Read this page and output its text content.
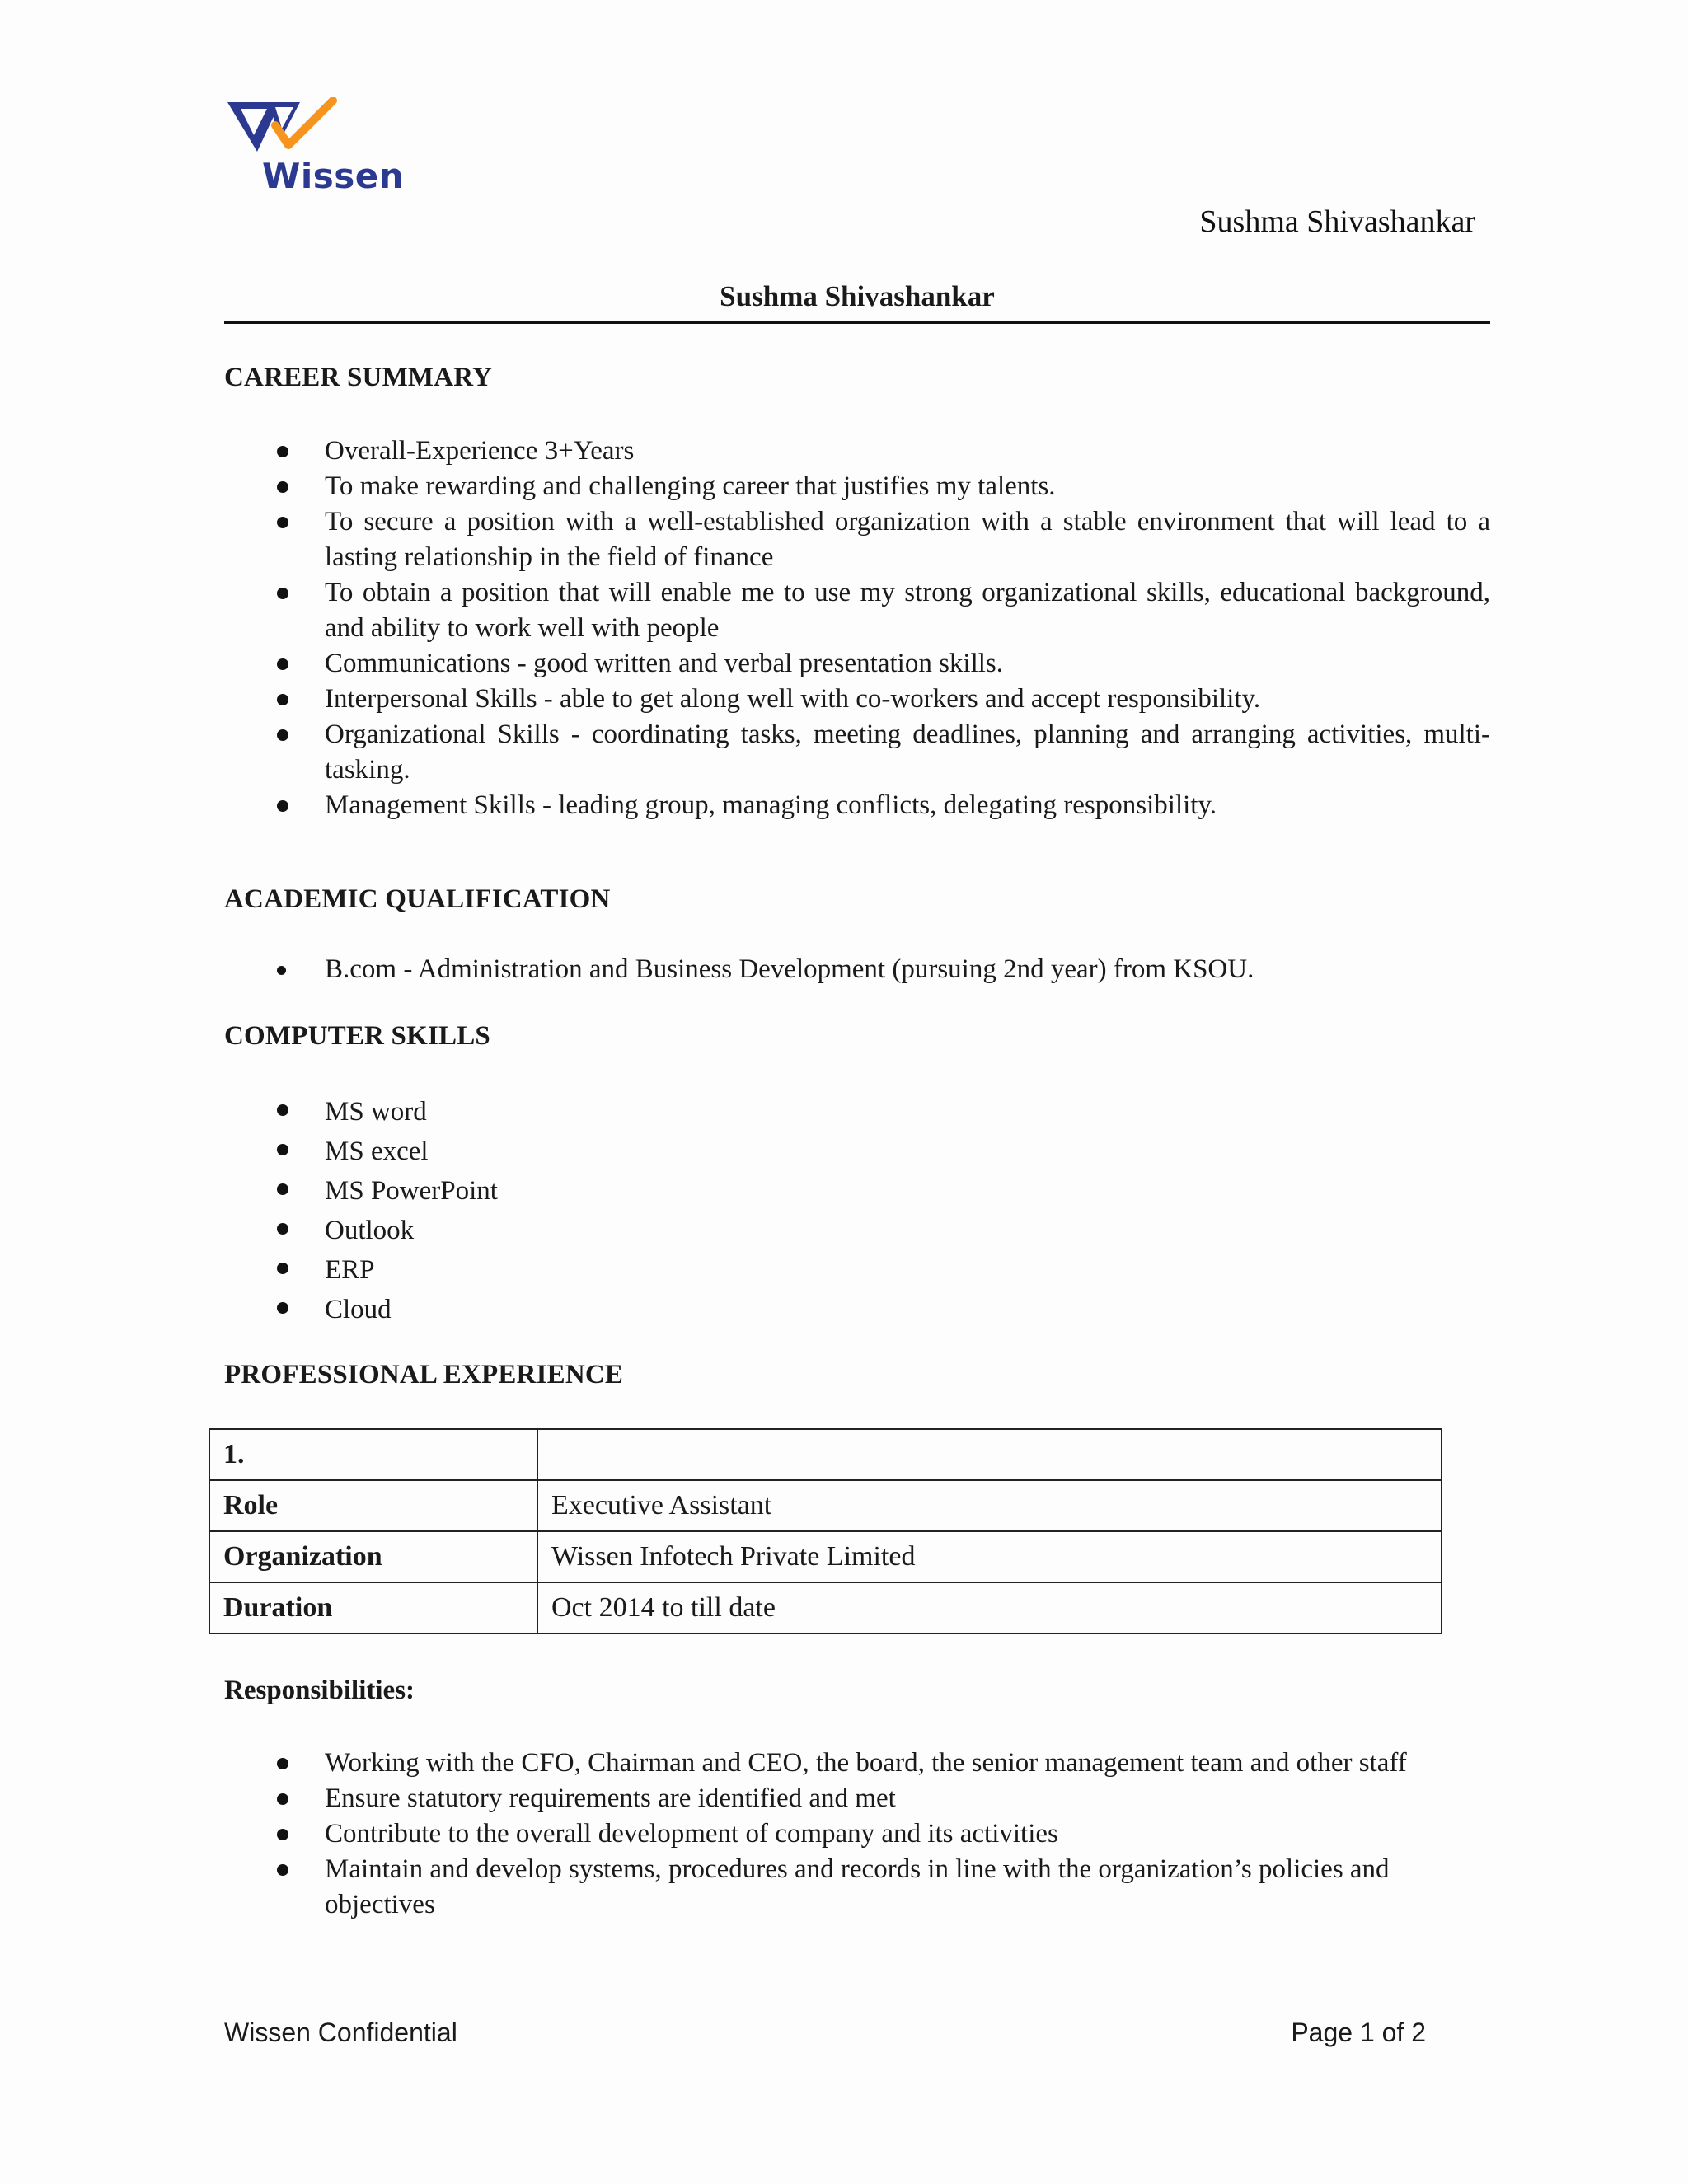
Wissen
Sushma Shivashankar
Sushma Shivashankar
CAREER SUMMARY
Overall-Experience 3+Years
To make rewarding and challenging career that justifies my talents.
To secure a position with a well-established organization with a stable environment that will lead to a lasting relationship in the field of finance
To obtain a position that will enable me to use my strong organizational skills, educational background, and ability to work well with people
Communications - good written and verbal presentation skills.
Interpersonal Skills - able to get along well with co-workers and accept responsibility.
Organizational Skills - coordinating tasks, meeting deadlines, planning and arranging activities, multi-tasking.
Management Skills - leading group, managing conflicts, delegating responsibility.
ACADEMIC QUALIFICATION
B.com - Administration and Business Development (pursuing 2nd year) from KSOU.
COMPUTER SKILLS
MS word
MS excel
MS PowerPoint
Outlook
ERP
Cloud
PROFESSIONAL EXPERIENCE
1.	
Role	Executive Assistant
Organization	Wissen Infotech Private Limited
Duration	Oct 2014 to till date
Responsibilities:
Working with the CFO, Chairman and CEO, the board, the senior management team and other staff
Ensure statutory requirements are identified and met
Contribute to the overall development of company and its activities
Maintain and develop systems, procedures and records in line with the organization’s policies and objectives
Wissen Confidential	Page 1 of 2
